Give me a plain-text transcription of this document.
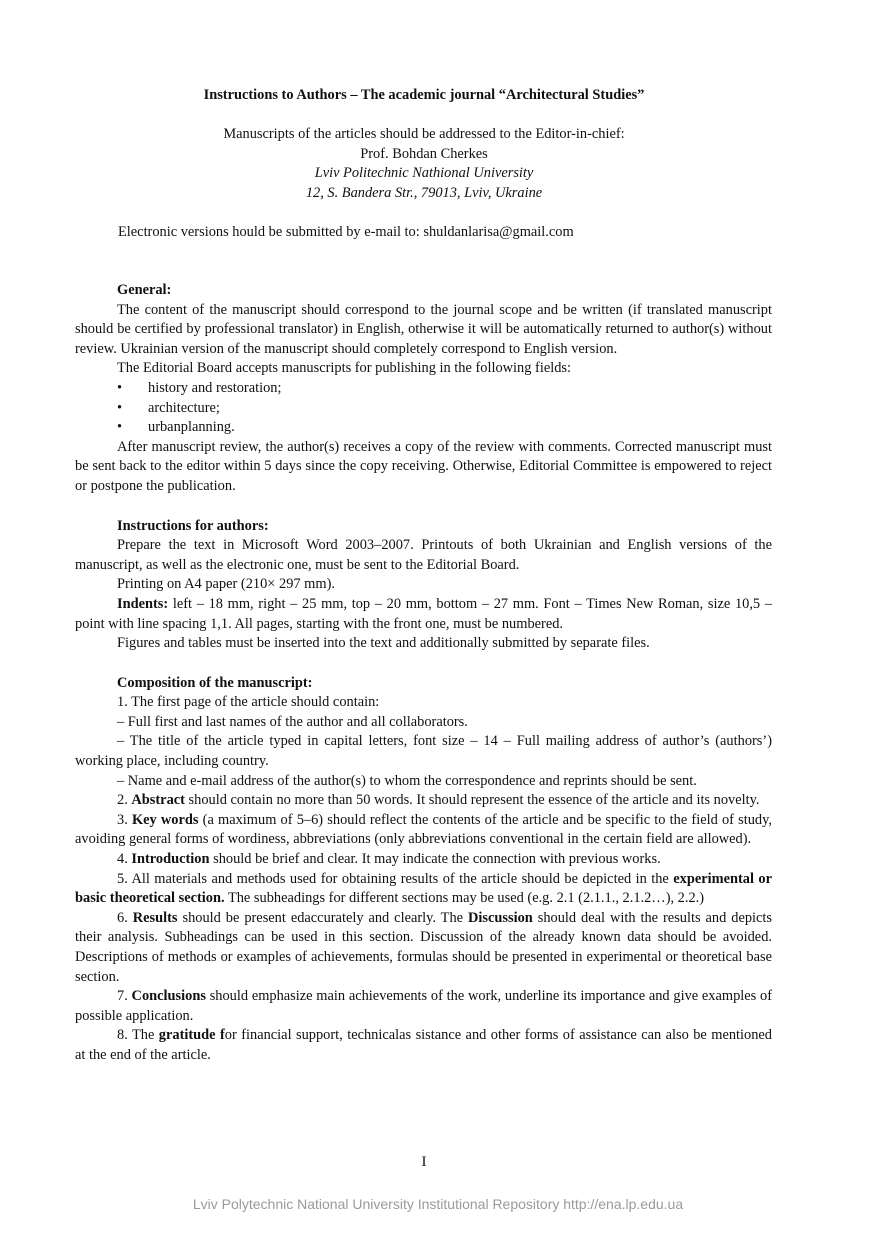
Instructions to Authors – The academic journal “Architectural Studies”
Manuscripts of the articles should be addressed to the Editor-in-chief:
Prof. Bohdan Cherkes
Lviv Politechnic Nathional University
12, S. Bandera Str., 79013, Lviv, Ukraine
Electronic versions hould be submitted by e-mail to: shuldanlarisa@gmail.com

General:

The content of the manuscript should correspond to the journal scope and be written (if translated manuscript should be certified by professional translator) in English, otherwise it will be automatically returned to author(s) without review. Ukrainian version of the manuscript should completely correspond to English version.

The Editorial Board accepts manuscripts for publishing in the following fields:

•	history and restoration;
•	architecture;
•	urbanplanning.

After manuscript review, the author(s) receives a copy of the review with comments. Corrected manuscript must be sent back to the editor within 5 days since the copy receiving. Otherwise, Editorial Committee is empowered to reject or postpone the publication.

Instructions for authors:

Prepare the text in Microsoft Word 2003–2007. Printouts of both Ukrainian and English versions of the manuscript, as well as the electronic one, must be sent to the Editorial Board.

Printing on A4 paper (210× 297 mm).

Indents: left – 18 mm, right – 25 mm, top – 20 mm, bottom – 27 mm. Font – Times New Roman, size 10,5 – point with line spacing 1,1. All pages, starting with the front one, must be numbered.

Figures and tables must be inserted into the text and additionally submitted by separate files.

Composition of the manuscript:

1. The first page of the article should contain:

– Full first and last names of the author and all collaborators.

– The title of the article typed in capital letters, font size – 14 – Full mailing address of author’s (authors’) working place, including country.

– Name and e-mail address of the author(s) to whom the correspondence and reprints should be sent.

2. Abstract should contain no more than 50 words. It should represent the essence of the article and its novelty.

3. Key words (a maximum of 5–6) should reflect the contents of the article and be specific to the field of study, avoiding general forms of wordiness, abbreviations (only abbreviations conventional in the certain field are allowed).

4. Introduction should be brief and clear. It may indicate the connection with previous works.

5. All materials and methods used for obtaining results of the article should be depicted in the experimental or basic theoretical section. The subheadings for different sections may be used (e.g. 2.1 (2.1.1., 2.1.2…), 2.2.)

6. Results should be present edaccurately and clearly. The Discussion should deal with the results and depicts their analysis. Subheadings can be used in this section. Discussion of the already known data should be avoided. Descriptions of methods or examples of achievements, formulas should be presented in experimental or theoretical base section.

7. Conclusions should emphasize main achievements of the work, underline its importance and give examples of possible application.

8. The gratitude for financial support, technicalas sistance and other forms of assistance can also be mentioned at the end of the article.

I
Lviv Polytechnic National University Institutional Repository http://ena.lp.edu.ua
